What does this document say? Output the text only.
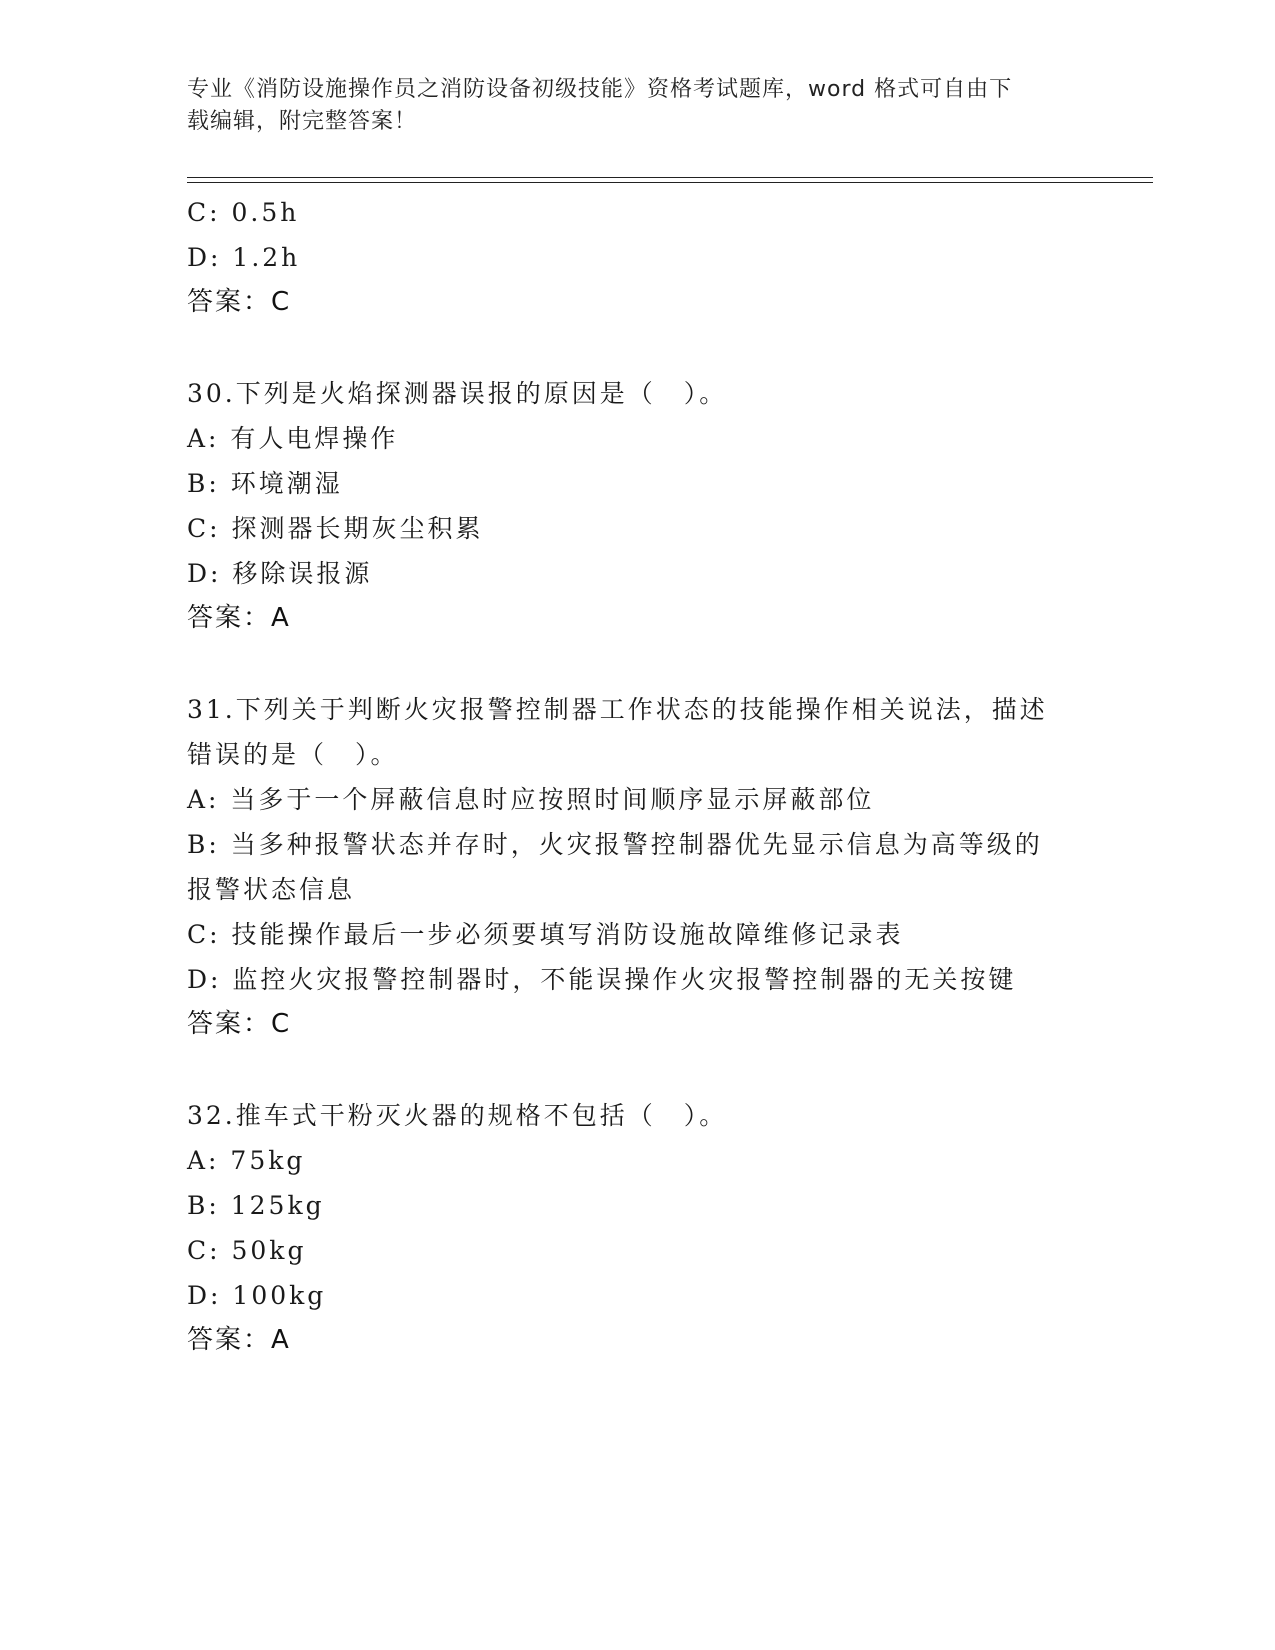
专业《消防设施操作员之消防设备初级技能》资格考试题库，word 格式可自由下
载编辑，附完整答案！
C: 0.5h
D: 1.2h
答案：C
30.下列是火焰探测器误报的原因是（　）。
A: 有人电焊操作
B: 环境潮湿
C: 探测器长期灰尘积累
D: 移除误报源
答案：A
31.下列关于判断火灾报警控制器工作状态的技能操作相关说法，描述
错误的是（　）。
A: 当多于一个屏蔽信息时应按照时间顺序显示屏蔽部位
B: 当多种报警状态并存时，火灾报警控制器优先显示信息为高等级的
报警状态信息
C: 技能操作最后一步必须要填写消防设施故障维修记录表
D: 监控火灾报警控制器时，不能误操作火灾报警控制器的无关按键
答案：C
32.推车式干粉灭火器的规格不包括（　）。
A: 75kg
B: 125kg
C: 50kg
D: 100kg
答案：A
